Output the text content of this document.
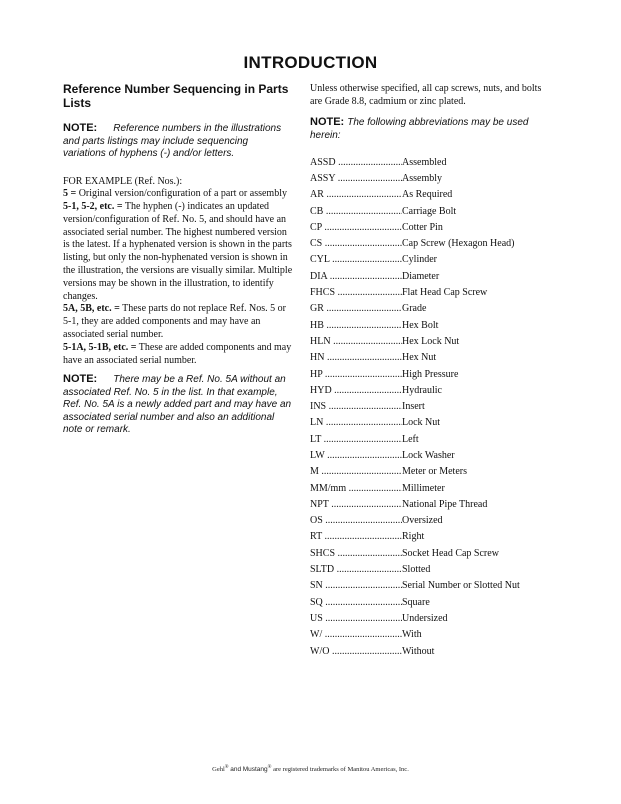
INTRODUCTION
Reference Number Sequencing in Parts Lists

NOTE: Reference numbers in the illustrations and parts listings may include sequencing variations of hyphens (-) and/or letters.

FOR EXAMPLE (Ref. Nos.):
5 = Original version/configuration of a part or assembly
5-1, 5-2, etc. = The hyphen (-) indicates an updated version/configuration of Ref. No. 5, and should have an associated serial number. The highest numbered version is the latest. If a hyphenated version is shown in the parts listing, but only the non-hyphenated version is shown in the illustration, the versions are visually similar. Multiple versions may be shown in the illustration, to identify changes.
5A, 5B, etc. = These parts do not replace Ref. Nos. 5 or 5-1, they are added components and may have an associated serial number.
5-1A, 5-1B, etc. = These are added components and may have an associated serial number.

NOTE: There may be a Ref. No. 5A without an associated Ref. No. 5 in the list. In that example, Ref. No. 5A is a newly added part and may have an associated serial number and also an additional note or remark.

Unless otherwise specified, all cap screws, nuts, and bolts are Grade 8.8, cadmium or zinc plated.

NOTE: The following abbreviations may be used herein:

ASSD .....	Assembled
ASSY .....	Assembly
AR .....	As Required
CB .....	Carriage Bolt
CP .....	Cotter Pin
CS .....	Cap Screw (Hexagon Head)
CYL .....	Cylinder
DIA .....	Diameter
FHCS .....	Flat Head Cap Screw
GR .....	Grade
HB .....	Hex Bolt
HLN .....	Hex Lock Nut
HN .....	Hex Nut
HP .....	High Pressure
HYD .....	Hydraulic
INS .....	Insert
LN .....	Lock Nut
LT .....	Left
LW .....	Lock Washer
M .....	Meter or Meters
MM/mm .....	Millimeter
NPT .....	National Pipe Thread
OS .....	Oversized
RT .....	Right
SHCS .....	Socket Head Cap Screw
SLTD .....	Slotted
SN .....	Serial Number or Slotted Nut
SQ .....	Square
US .....	Undersized
W/ .....	With
W/O .....	Without
Gehl® and Mustang® are registered trademarks of Manitou Americas, Inc.
